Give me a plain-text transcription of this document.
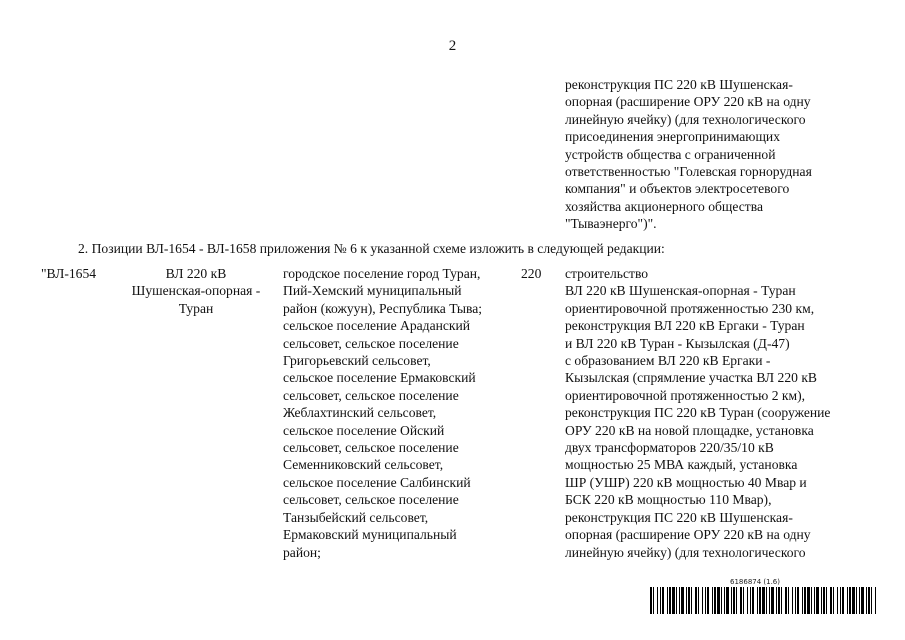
2
реконструкция ПС 220 кВ Шушенская-
опорная (расширение ОРУ 220 кВ на одну
линейную ячейку) (для технологического
присоединения энергопринимающих
устройств общества с ограниченной
ответственностью "Голевская горнорудная
компания" и объектов электросетевого
хозяйства акционерного общества
"Тываэнерго")".
2. Позиции ВЛ-1654 - ВЛ-1658 приложения № 6 к указанной схеме изложить в следующей редакции:
"ВЛ-1654	ВЛ 220 кВ
Шушенская-опорная -
Туран
городское поселение город Туран,
Пий-Хемский муниципальный
район (кожуун), Республика Тыва;
сельское поселение Араданский
сельсовет, сельское поселение
Григорьевский сельсовет,
сельское поселение Ермаковский
сельсовет, сельское поселение
Жеблахтинский сельсовет,
сельское поселение Ойский
сельсовет, сельское поселение
Семенниковский сельсовет,
сельское поселение Салбинский
сельсовет, сельское поселение
Танзыбейский сельсовет,
Ермаковский муниципальный
район;
220	строительство
ВЛ 220 кВ Шушенская-опорная - Туран
ориентировочной протяженностью 230 км,
реконструкция ВЛ 220 кВ Ергаки - Туран
и ВЛ 220 кВ Туран - Кызылская (Д-47)
с образованием ВЛ 220 кВ Ергаки -
Кызылская (спрямление участка ВЛ 220 кВ
ориентировочной протяженностью 2 км),
реконструкция ПС 220 кВ Туран (сооружение
ОРУ 220 кВ на новой площадке, установка
двух трансформаторов 220/35/10 кВ
мощностью 25 МВА каждый, установка
ШР (УШР) 220 кВ мощностью 40 Мвар и
БСК 220 кВ мощностью 110 Мвар),
реконструкция ПС 220 кВ Шушенская-
опорная (расширение ОРУ 220 кВ на одну
линейную ячейку) (для технологического
6186874 (1.6)
